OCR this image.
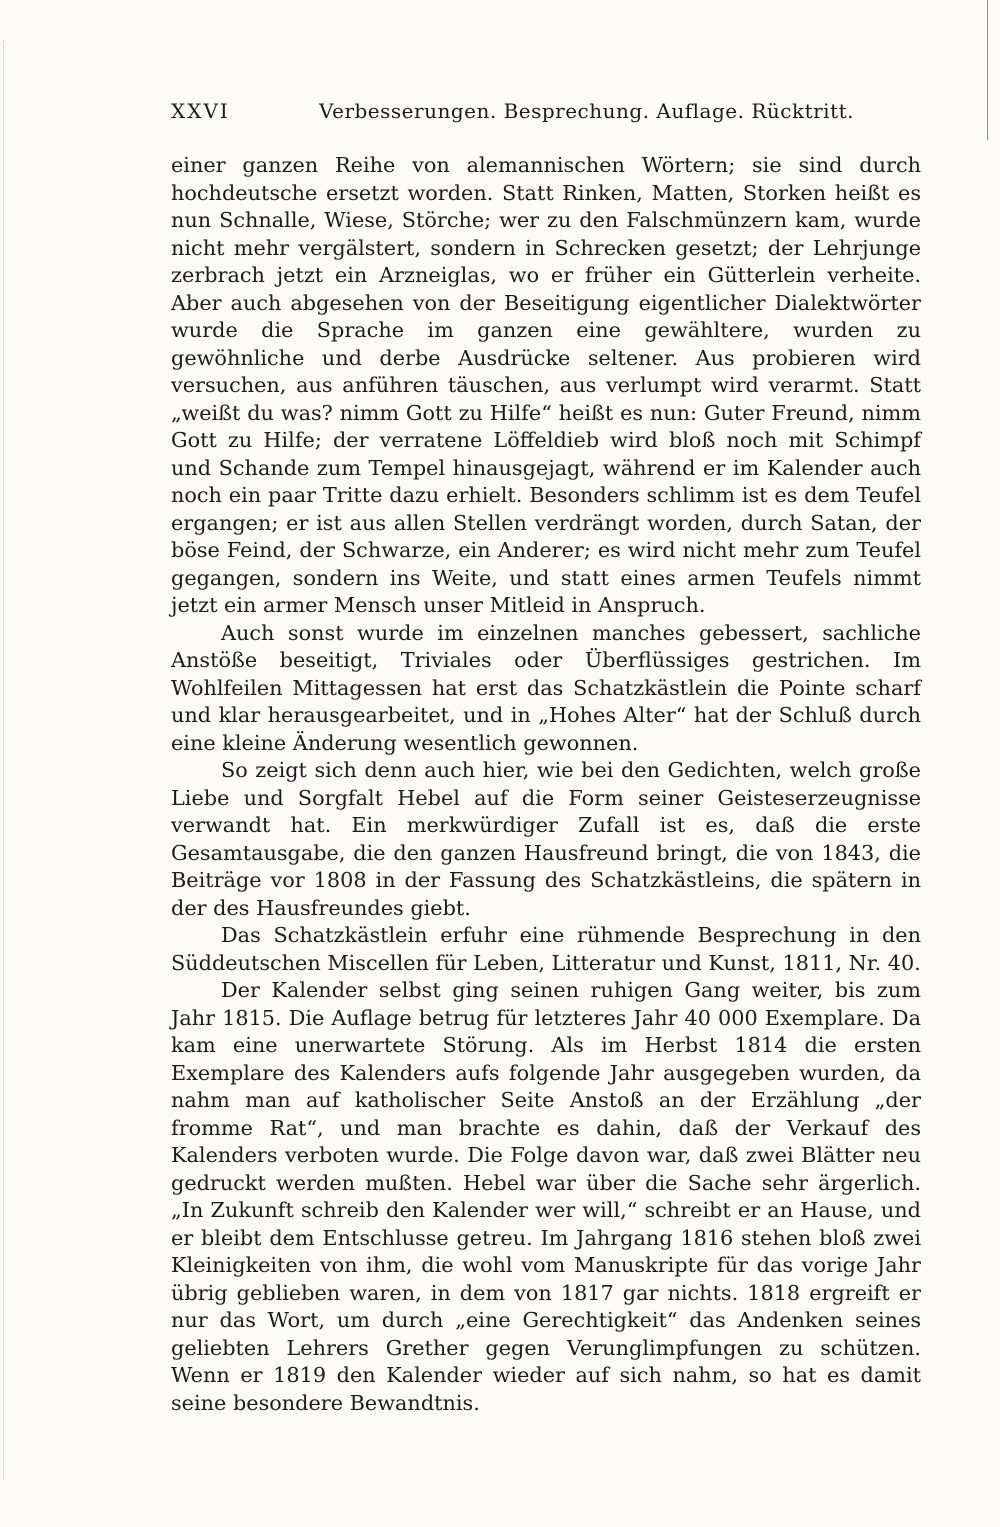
XXVI	Verbesserungen. Besprechung. Auflage. Rücktritt.

einer ganzen Reihe von alemannischen Wörtern; sie sind durch hochdeutsche ersetzt worden. Statt Rinken, Matten, Storken heißt es nun Schnalle, Wiese, Störche; wer zu den Falschmünzern kam, wurde nicht mehr vergälstert, sondern in Schrecken gesetzt; der Lehrjunge zerbrach jetzt ein Arzneiglas, wo er früher ein Gütterlein verheite. Aber auch abgesehen von der Beseitigung eigentlicher Dialektwörter wurde die Sprache im ganzen eine gewähltere, wurden zu gewöhnliche und derbe Ausdrücke seltener. Aus probieren wird versuchen, aus anführen täuschen, aus verlumpt wird verarmt. Statt „weißt du was? nimm Gott zu Hilfe“ heißt es nun: Guter Freund, nimm Gott zu Hilfe; der verratene Löffeldieb wird bloß noch mit Schimpf und Schande zum Tempel hinausgejagt, während er im Kalender auch noch ein paar Tritte dazu erhielt. Besonders schlimm ist es dem Teufel ergangen; er ist aus allen Stellen verdrängt worden, durch Satan, der böse Feind, der Schwarze, ein Anderer; es wird nicht mehr zum Teufel gegangen, sondern ins Weite, und statt eines armen Teufels nimmt jetzt ein armer Mensch unser Mitleid in Anspruch.

Auch sonst wurde im einzelnen manches gebessert, sachliche Anstöße beseitigt, Triviales oder Überflüssiges gestrichen. Im Wohlfeilen Mittagessen hat erst das Schatzkästlein die Pointe scharf und klar herausgearbeitet, und in „Hohes Alter“ hat der Schluß durch eine kleine Änderung wesentlich gewonnen.

So zeigt sich denn auch hier, wie bei den Gedichten, welch große Liebe und Sorgfalt Hebel auf die Form seiner Geisteserzeugnisse verwandt hat. Ein merkwürdiger Zufall ist es, daß die erste Gesamtausgabe, die den ganzen Hausfreund bringt, die von 1843, die Beiträge vor 1808 in der Fassung des Schatzkästleins, die spätern in der des Hausfreundes giebt.

Das Schatzkästlein erfuhr eine rühmende Besprechung in den Süddeutschen Miscellen für Leben, Litteratur und Kunst, 1811, Nr. 40.

Der Kalender selbst ging seinen ruhigen Gang weiter, bis zum Jahr 1815. Die Auflage betrug für letzteres Jahr 40 000 Exemplare. Da kam eine unerwartete Störung. Als im Herbst 1814 die ersten Exemplare des Kalenders aufs folgende Jahr ausgegeben wurden, da nahm man auf katholischer Seite Anstoß an der Erzählung „der fromme Rat“, und man brachte es dahin, daß der Verkauf des Kalenders verboten wurde. Die Folge davon war, daß zwei Blätter neu gedruckt werden mußten. Hebel war über die Sache sehr ärgerlich. „In Zukunft schreib den Kalender wer will,“ schreibt er an Hause, und er bleibt dem Entschlusse getreu. Im Jahrgang 1816 stehen bloß zwei Kleinigkeiten von ihm, die wohl vom Manuskripte für das vorige Jahr übrig geblieben waren, in dem von 1817 gar nichts. 1818 ergreift er nur das Wort, um durch „eine Gerechtigkeit“ das Andenken seines geliebten Lehrers Grether gegen Verunglimpfungen zu schützen. Wenn er 1819 den Kalender wieder auf sich nahm, so hat es damit seine besondere Bewandtnis.
